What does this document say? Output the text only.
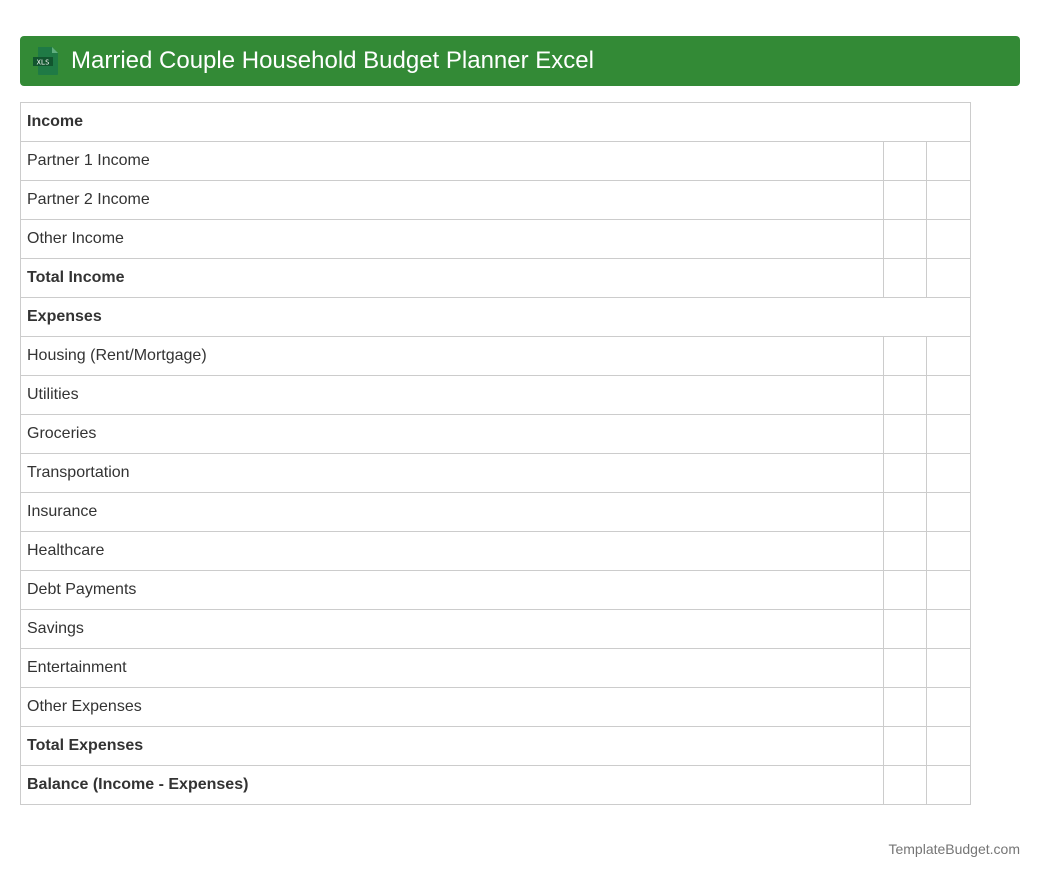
XLS Married Couple Household Budget Planner Excel
Income		
Partner 1 Income		
Partner 2 Income		
Other Income		
Total Income		
Expenses		
Housing (Rent/Mortgage)		
Utilities		
Groceries		
Transportation		
Insurance		
Healthcare		
Debt Payments		
Savings		
Entertainment		
Other Expenses		
Total Expenses		
Balance (Income - Expenses)		
TemplateBudget.com
